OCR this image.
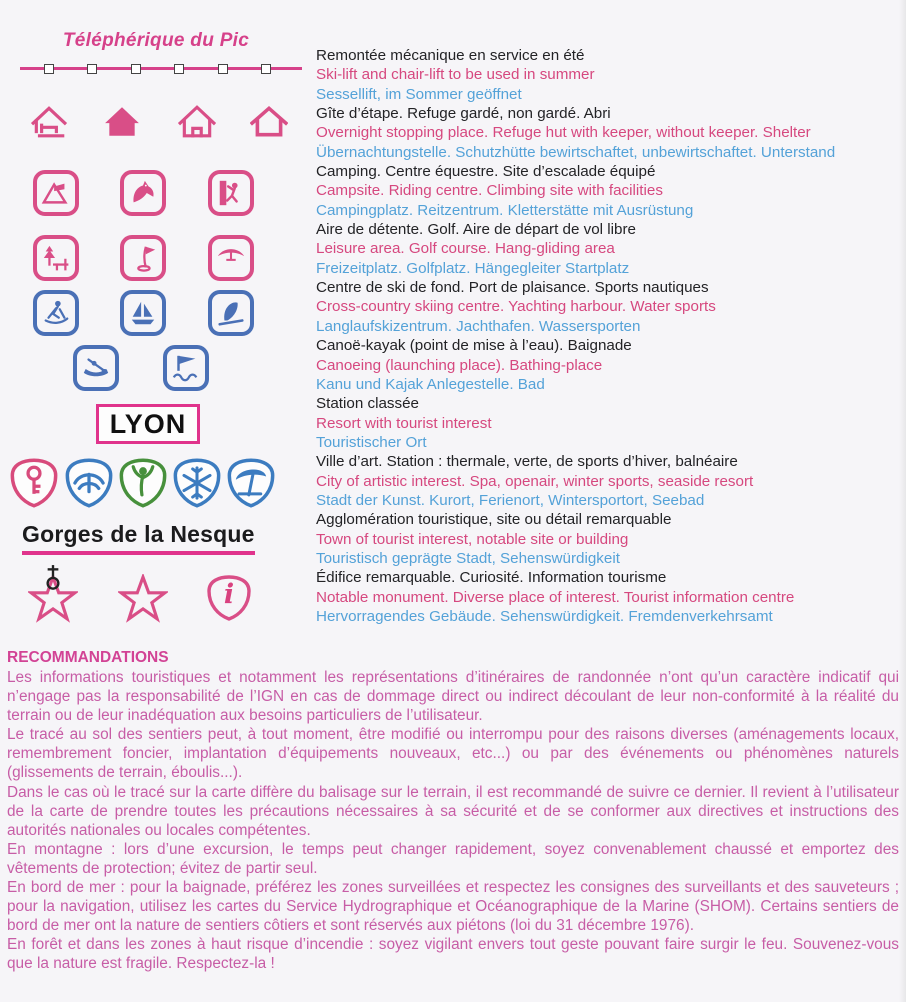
Téléphérique du Pic
LYON
Gorges de la Nesque
i
Remontée mécanique en service en été
Ski-lift and chair-lift to be used in summer
Sessellift, im Sommer geöffnet
Gîte d’étape. Refuge gardé, non gardé. Abri
Overnight stopping place. Refuge hut with keeper, without keeper. Shelter
Übernachtungstelle. Schutzhütte bewirtschaftet, unbewirtschaftet. Unterstand
Camping. Centre équestre. Site d’escalade équipé
Campsite. Riding centre. Climbing site with facilities
Campingplatz. Reitzentrum. Kletterstätte mit Ausrüstung
Aire de détente. Golf. Aire de départ de vol libre
Leisure area. Golf course. Hang-gliding area
Freizeitplatz. Golfplatz. Hängegleiter Startplatz
Centre de ski de fond. Port de plaisance. Sports nautiques
Cross-country skiing centre. Yachting harbour. Water sports
Langlaufskizentrum. Jachthafen. Wassersporten
Canoë-kayak (point de mise à l’eau). Baignade
Canoeing (launching place). Bathing-place
Kanu und Kajak Anlegestelle. Bad
Station classée
Resort with tourist interest
Touristischer Ort
Ville d’art. Station : thermale, verte, de sports d’hiver, balnéaire
City of artistic interest. Spa, openair, winter sports, seaside resort
Stadt der Kunst. Kurort, Ferienort, Wintersportort, Seebad
Agglomération touristique, site ou détail remarquable
Town of tourist interest, notable site or building
Touristisch geprägte Stadt, Sehenswürdigkeit
Édifice remarquable. Curiosité. Information tourisme
Notable monument. Diverse place of interest. Tourist information centre
Hervorragendes Gebäude. Sehenswürdigkeit. Fremdenverkehrsamt
RECOMMANDATIONS

Les informations touristiques et notamment les représentations d’itinéraires de randonnée n’ont qu’un caractère indicatif qui n’engage pas la responsabilité de l’IGN en cas de dommage direct ou indirect découlant de leur non-conformité à la réalité du terrain ou de leur inadéquation aux besoins particuliers de l’utilisateur.

Le tracé au sol des sentiers peut, à tout moment, être modifié ou interrompu pour des raisons diverses (aménagements locaux, remembrement foncier, implantation d’équipements nouveaux, etc...) ou par des événements ou phénomènes naturels (glissements de terrain, éboulis...).

Dans le cas où le tracé sur la carte diffère du balisage sur le terrain, il est recommandé de suivre ce dernier. Il revient à l’utilisateur de la carte de prendre toutes les précautions nécessaires à sa sécurité et de se conformer aux directives et instructions des autorités nationales ou locales compétentes.

En montagne : lors d’une excursion, le temps peut changer rapidement, soyez convenablement chaussé et emportez des vêtements de protection; évitez de partir seul.

En bord de mer : pour la baignade, préférez les zones surveillées et respectez les consignes des surveillants et des sauveteurs ; pour la navigation, utilisez les cartes du Service Hydrographique et Océanographique de la Marine (SHOM). Certains sentiers de bord de mer ont la nature de sentiers côtiers et sont réservés aux piétons (loi du 31 décembre 1976).

En forêt et dans les zones à haut risque d’incendie : soyez vigilant envers tout geste pouvant faire surgir le feu. Souvenez-vous que la nature est fragile. Respectez-la !
